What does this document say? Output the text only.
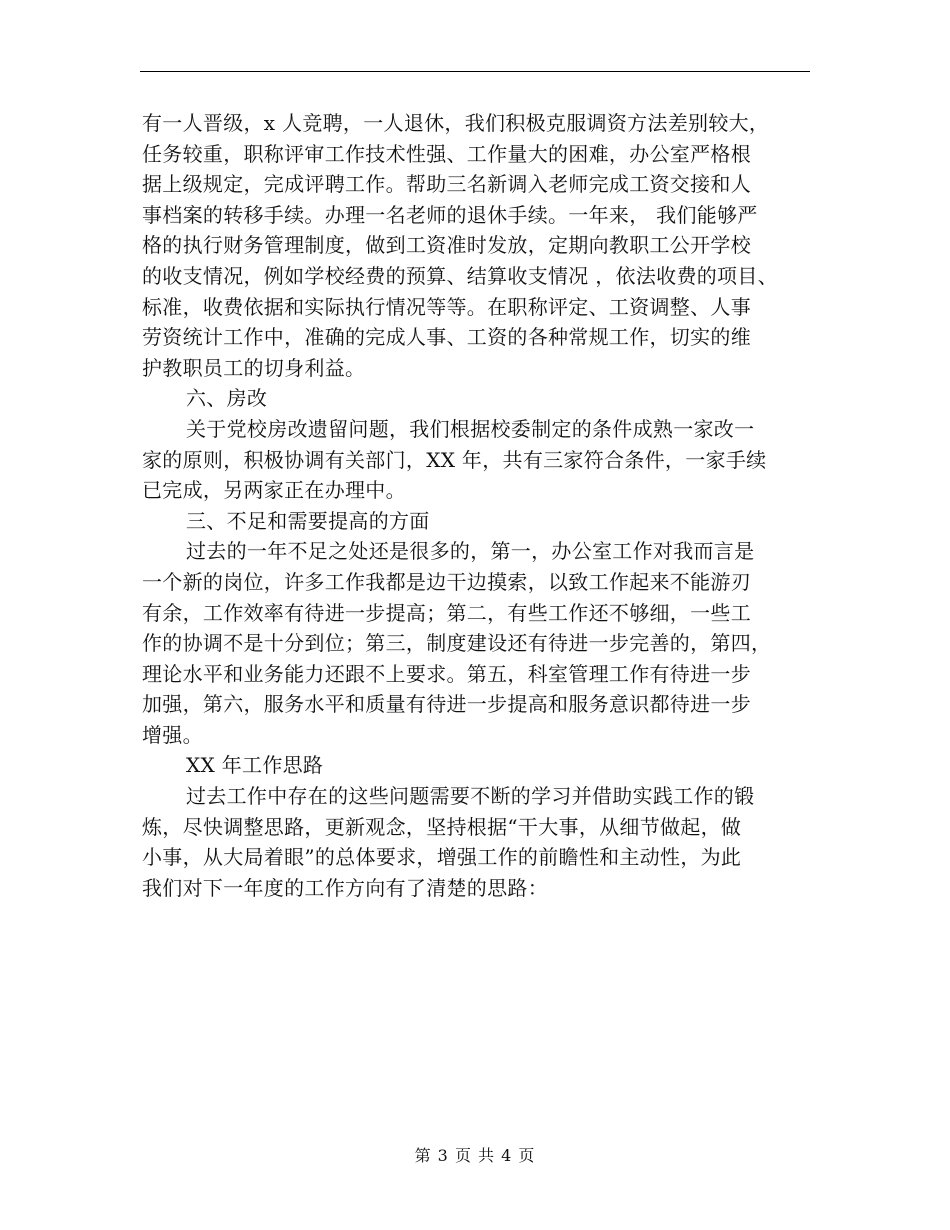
有一人晋级，x 人竞聘，一人退休，我们积极克服调资方法差别较大，
任务较重，职称评审工作技术性强、工作量大的困难，办公室严格根
据上级规定，完成评聘工作。帮助三名新调入老师完成工资交接和人
事档案的转移手续。办理一名老师的退休手续。一年来， 我们能够严
格的执行财务管理制度，做到工资准时发放，定期向教职工公开学校
的收支情况，例如学校经费的预算、结算收支情况 ，依法收费的项目、
标准，收费依据和实际执行情况等等。在职称评定、工资调整、人事
劳资统计工作中，准确的完成人事、工资的各种常规工作，切实的维
护教职员工的切身利益。
六、房改
关于党校房改遗留问题，我们根据校委制定的条件成熟一家改一
家的原则，积极协调有关部门，XX 年，共有三家符合条件，一家手续
已完成，另两家正在办理中。
三、不足和需要提高的方面
过去的一年不足之处还是很多的，第一，办公室工作对我而言是
一个新的岗位，许多工作我都是边干边摸索，以致工作起来不能游刃
有余，工作效率有待进一步提高；第二，有些工作还不够细，一些工
作的协调不是十分到位；第三，制度建设还有待进一步完善的，第四，
理论水平和业务能力还跟不上要求。第五，科室管理工作有待进一步
加强，第六，服务水平和质量有待进一步提高和服务意识都待进一步
增强。
XX 年工作思路
过去工作中存在的这些问题需要不断的学习并借助实践工作的锻
炼，尽快调整思路，更新观念，坚持根据“干大事，从细节做起，做
小事，从大局着眼”的总体要求，增强工作的前瞻性和主动性，为此
我们对下一年度的工作方向有了清楚的思路：
第 3 页 共 4 页
